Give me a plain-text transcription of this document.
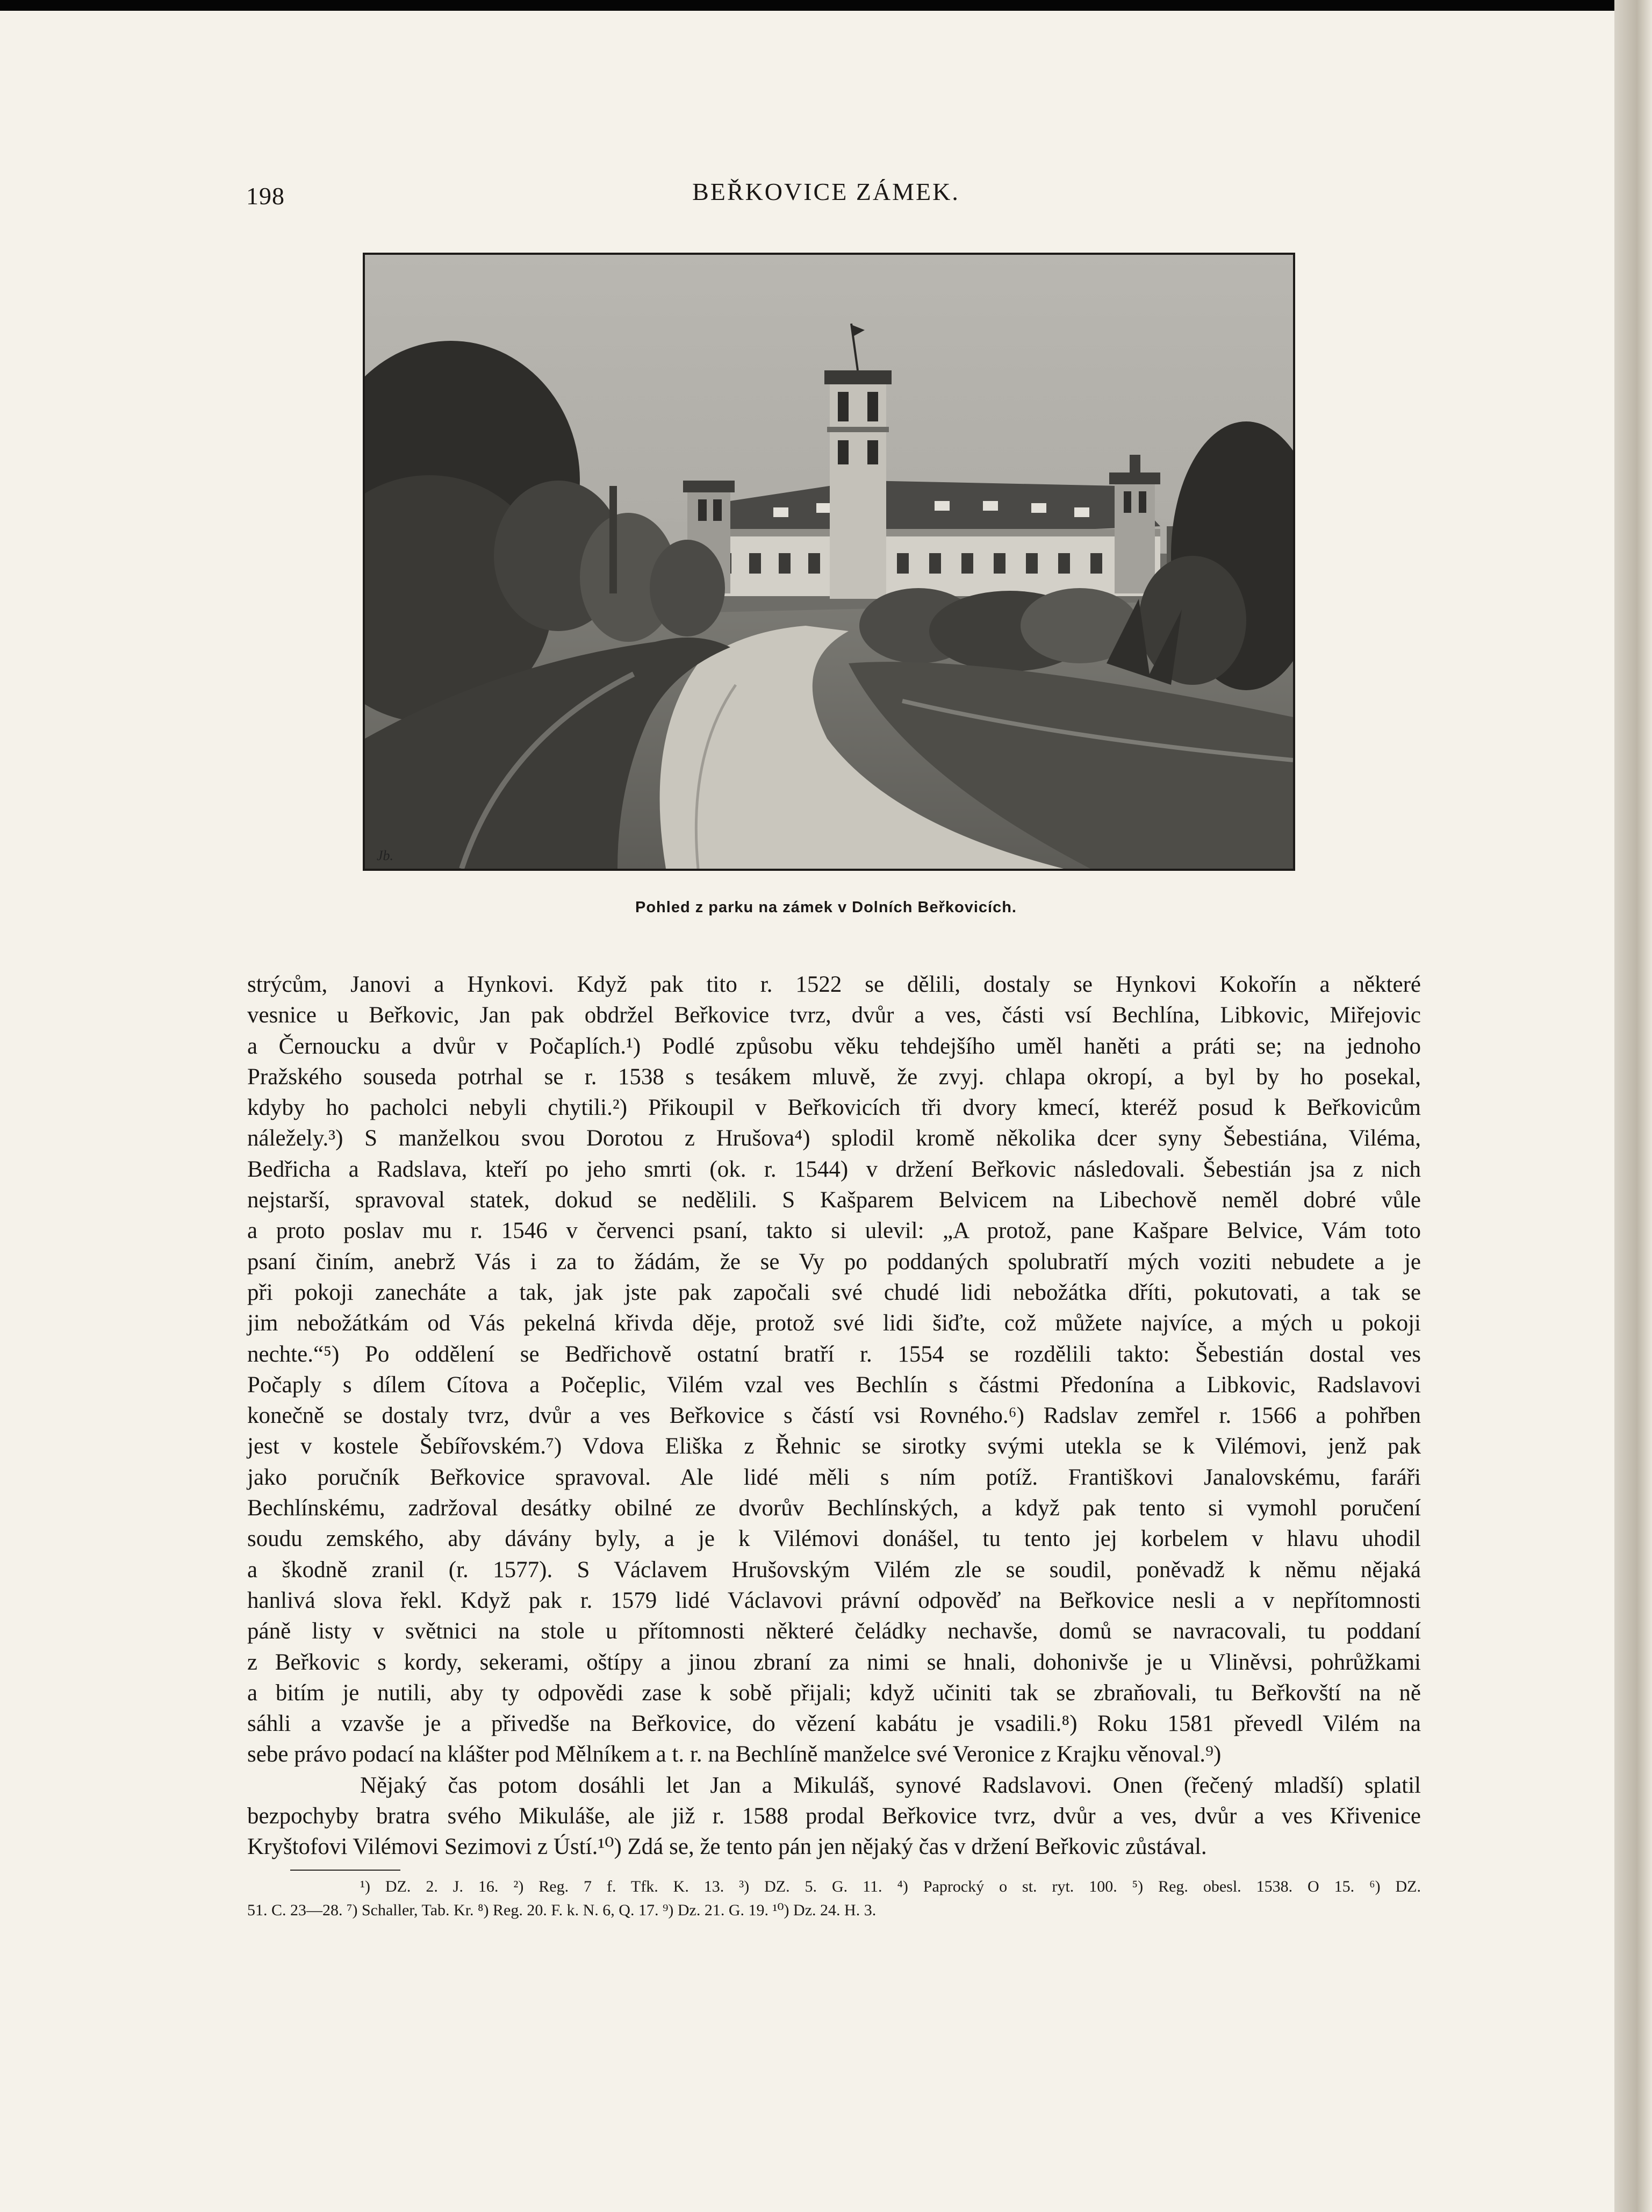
198	BEŘKOVICE ZÁMEK.
Jb.
Pohled z parku na zámek v Dolních Beřkovicích.
strýcům, Janovi a Hynkovi. Když pak tito r. 1522 se dělili, dostaly se Hynkovi Kokořín a některé
vesnice u Beřkovic, Jan pak obdržel Beřkovice tvrz, dvůr a ves, části vsí Bechlína, Libkovic, Miřejovic
a Černoucku a dvůr v Počaplích.¹) Podlé způsobu věku tehdejšího uměl haněti a práti se; na jednoho
Pražského souseda potrhal se r. 1538 s tesákem mluvě, že zvyj. chlapa okropí, a byl by ho posekal,
kdyby ho pacholci nebyli chytili.²) Přikoupil v Beřkovicích tři dvory kmecí, kteréž posud k Beřkovicům
náležely.³) S manželkou svou Dorotou z Hrušova⁴) splodil kromě několika dcer syny Šebestiána, Viléma,
Bedřicha a Radslava, kteří po jeho smrti (ok. r. 1544) v držení Beřkovic následovali. Šebestián jsa z nich
nejstarší, spravoval statek, dokud se nedělili. S Kašparem Belvicem na Libechově neměl dobré vůle
a proto poslav mu r. 1546 v červenci psaní, takto si ulevil: „A protož, pane Kašpare Belvice, Vám toto
psaní činím, anebrž Vás i za to žádám, že se Vy po poddaných spolubratří mých voziti nebudete a je
při pokoji zanecháte a tak, jak jste pak započali své chudé lidi nebožátka dříti, pokutovati, a tak se
jim nebožátkám od Vás pekelná křivda děje, protož své lidi šiďte, což můžete najvíce, a mých u pokoji
nechte.“⁵) Po oddělení se Bedřichově ostatní bratří r. 1554 se rozdělili takto: Šebestián dostal ves
Počaply s dílem Cítova a Počeplic, Vilém vzal ves Bechlín s částmi Předonína a Libkovic, Radslavovi
konečně se dostaly tvrz, dvůr a ves Beřkovice s částí vsi Rovného.⁶) Radslav zemřel r. 1566 a pohřben
jest v kostele Šebířovském.⁷) Vdova Eliška z Řehnic se sirotky svými utekla se k Vilémovi, jenž pak
jako poručník Beřkovice spravoval. Ale lidé měli s ním potíž. Františkovi Janalovskému, faráři
Bechlínskému, zadržoval desátky obilné ze dvorův Bechlínských, a když pak tento si vymohl poručení
soudu zemského, aby dávány byly, a je k Vilémovi donášel, tu tento jej korbelem v hlavu uhodil
a škodně zranil (r. 1577). S Václavem Hrušovským Vilém zle se soudil, poněvadž k němu nějaká
hanlivá slova řekl. Když pak r. 1579 lidé Václavovi právní odpověď na Beřkovice nesli a v nepřítomnosti
páně listy v světnici na stole u přítomnosti některé čeládky nechavše, domů se navracovali, tu poddaní
z Beřkovic s kordy, sekerami, oštípy a jinou zbraní za nimi se hnali, dohonivše je u Vliněvsi, pohrůžkami
a bitím je nutili, aby ty odpovědi zase k sobě přijali; když učiniti tak se zbraňovali, tu Beřkovští na ně
sáhli a vzavše je a přivedše na Beřkovice, do vězení kabátu je vsadili.⁸) Roku 1581 převedl Vilém na
sebe právo podací na klášter pod Mělníkem a t. r. na Bechlíně manželce své Veronice z Krajku věnoval.⁹)
Nějaký čas potom dosáhli let Jan a Mikuláš, synové Radslavovi. Onen (řečený mladší) splatil
bezpochyby bratra svého Mikuláše, ale již r. 1588 prodal Beřkovice tvrz, dvůr a ves, dvůr a ves Křivenice
Kryštofovi Vilémovi Sezimovi z Ústí.¹⁰) Zdá se, že tento pán jen nějaký čas v držení Beřkovic zůstával.
¹) DZ. 2. J. 16. ²) Reg. 7 f. Tfk. K. 13. ³) DZ. 5. G. 11. ⁴) Paprocký o st. ryt. 100. ⁵) Reg. obesl. 1538. O 15. ⁶) DZ.
51. C. 23—28. ⁷) Schaller, Tab. Kr. ⁸) Reg. 20. F. k. N. 6, Q. 17. ⁹) Dz. 21. G. 19. ¹⁰) Dz. 24. H. 3.
